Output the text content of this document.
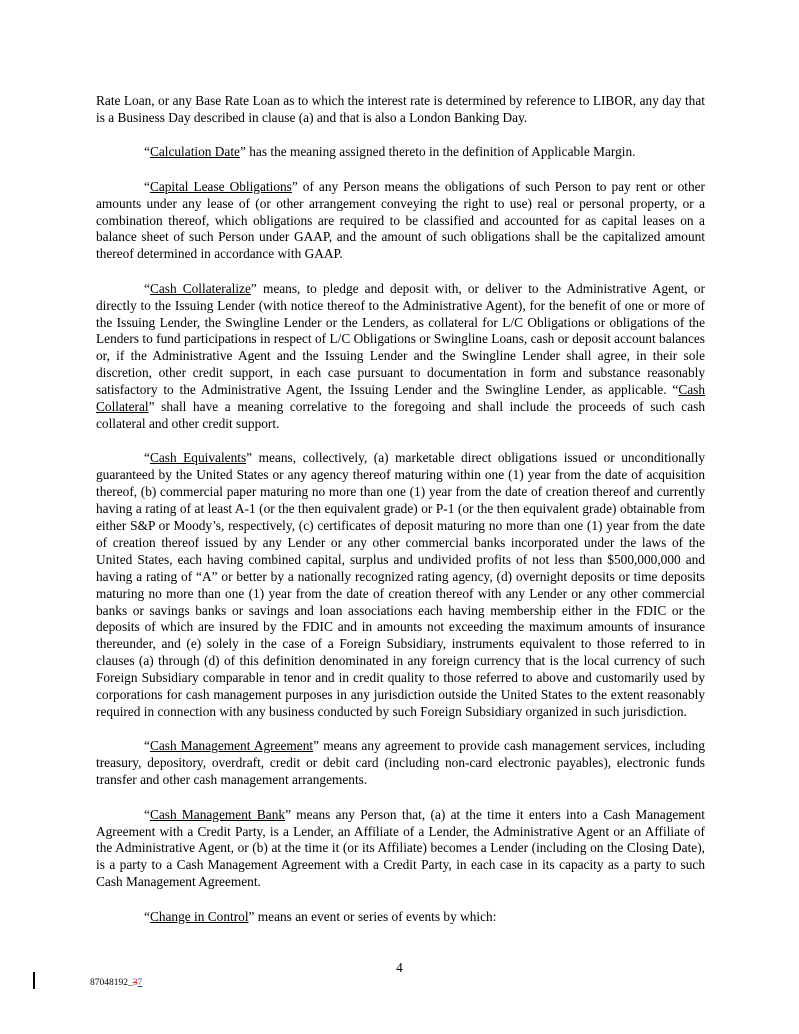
Rate Loan, or any Base Rate Loan as to which the interest rate is determined by reference to LIBOR, any day that is a Business Day described in clause (a) and that is also a London Banking Day.

“Calculation Date” has the meaning assigned thereto in the definition of Applicable Margin.

“Capital Lease Obligations” of any Person means the obligations of such Person to pay rent or other amounts under any lease of (or other arrangement conveying the right to use) real or personal property, or a combination thereof, which obligations are required to be classified and accounted for as capital leases on a balance sheet of such Person under GAAP, and the amount of such obligations shall be the capitalized amount thereof determined in accordance with GAAP.

“Cash Collateralize” means, to pledge and deposit with, or deliver to the Administrative Agent, or directly to the Issuing Lender (with notice thereof to the Administrative Agent), for the benefit of one or more of the Issuing Lender, the Swingline Lender or the Lenders, as collateral for L/C Obligations or obligations of the Lenders to fund participations in respect of L/C Obligations or Swingline Loans, cash or deposit account balances or, if the Administrative Agent and the Issuing Lender and the Swingline Lender shall agree, in their sole discretion, other credit support, in each case pursuant to documentation in form and substance reasonably satisfactory to the Administrative Agent, the Issuing Lender and the Swingline Lender, as applicable. “Cash Collateral” shall have a meaning correlative to the foregoing and shall include the proceeds of such cash collateral and other credit support.

“Cash Equivalents” means, collectively, (a) marketable direct obligations issued or unconditionally guaranteed by the United States or any agency thereof maturing within one (1) year from the date of acquisition thereof, (b) commercial paper maturing no more than one (1) year from the date of creation thereof and currently having a rating of at least A-1 (or the then equivalent grade) or P-1 (or the then equivalent grade) obtainable from either S&P or Moody’s, respectively, (c) certificates of deposit maturing no more than one (1) year from the date of creation thereof issued by any Lender or any other commercial banks incorporated under the laws of the United States, each having combined capital, surplus and undivided profits of not less than $500,000,000 and having a rating of “A” or better by a nationally recognized rating agency, (d) overnight deposits or time deposits maturing no more than one (1) year from the date of creation thereof with any Lender or any other commercial banks or savings banks or savings and loan associations each having membership either in the FDIC or the deposits of which are insured by the FDIC and in amounts not exceeding the maximum amounts of insurance thereunder, and (e) solely in the case of a Foreign Subsidiary, instruments equivalent to those referred to in clauses (a) through (d) of this definition denominated in any foreign currency that is the local currency of such Foreign Subsidiary comparable in tenor and in credit quality to those referred to above and customarily used by corporations for cash management purposes in any jurisdiction outside the United States to the extent reasonably required in connection with any business conducted by such Foreign Subsidiary organized in such jurisdiction.

“Cash Management Agreement” means any agreement to provide cash management services, including treasury, depository, overdraft, credit or debit card (including non-card electronic payables), electronic funds transfer and other cash management arrangements.

“Cash Management Bank” means any Person that, (a) at the time it enters into a Cash Management Agreement with a Credit Party, is a Lender, an Affiliate of a Lender, the Administrative Agent or an Affiliate of the Administrative Agent, or (b) at the time it (or its Affiliate) becomes a Lender (including on the Closing Date), is a party to a Cash Management Agreement with a Credit Party, in each case in its capacity as a party to such Cash Management Agreement.

“Change in Control” means an event or series of events by which:

4
87048192_37
